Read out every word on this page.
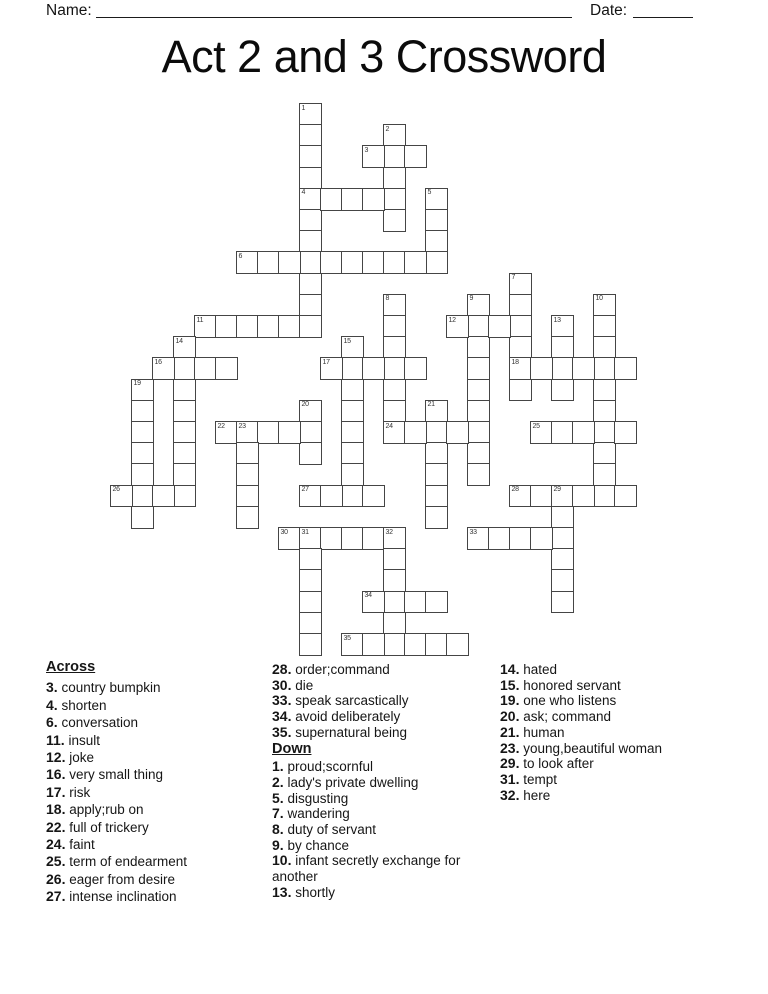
Name:	Date:
Act 2 and 3 Crossword
1
4
2
3
5
6
7
18
8
24
9	10
11	12	13
14	15
16	17
19
20	21
22 23	25
26	27	28	29
30 31	32	33
34
35
Across
3. country bumpkin
4. shorten
6. conversation
11. insult
12. joke
16. very small thing
17. risk
18. apply;rub on
22. full of trickery
24. faint
25. term of endearment
26. eager from desire
27. intense inclination
28. order;command
30. die
33. speak sarcastically
34. avoid deliberately
35. supernatural being
Down
1. proud;scornful
2. lady's private dwelling
5. disgusting
7. wandering
8. duty of servant
9. by chance
10. infant secretly exchange for another
13. shortly
14. hated
15. honored servant
19. one who listens
20. ask; command
21. human
23. young,beautiful woman
29. to look after
31. tempt
32. here
